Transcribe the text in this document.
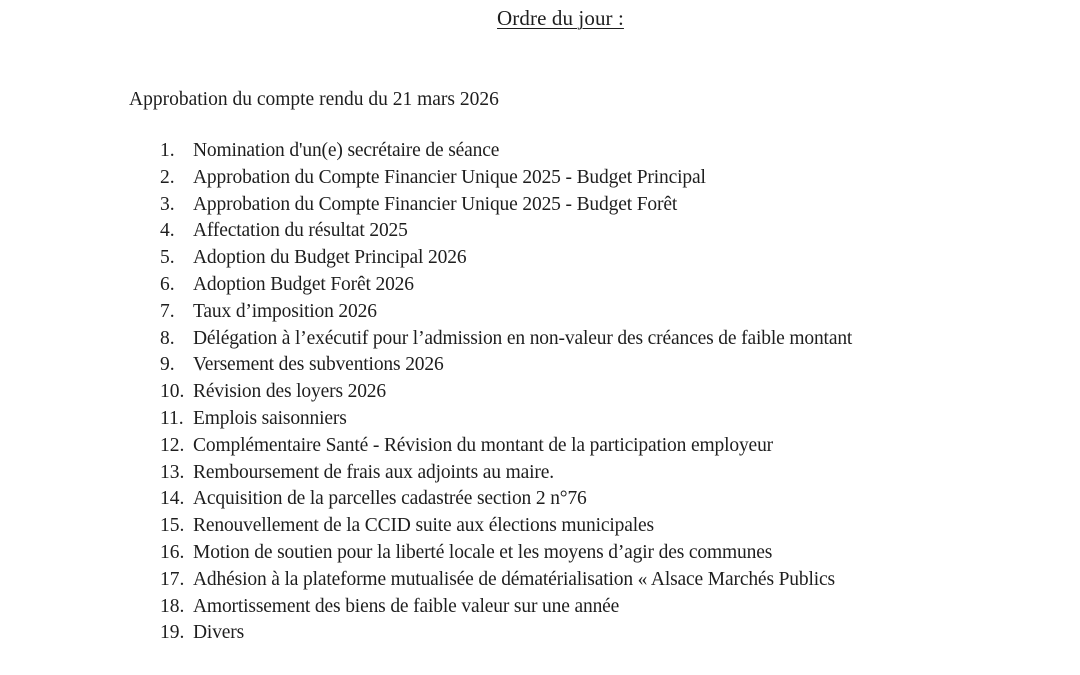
Ordre du jour :
Approbation du compte rendu du 21 mars 2026
1. Nomination d'un(e) secrétaire de séance
2. Approbation du Compte Financier Unique 2025 - Budget Principal
3. Approbation du Compte Financier Unique 2025 - Budget Forêt
4. Affectation du résultat 2025
5. Adoption du Budget Principal 2026
6. Adoption Budget Forêt 2026
7. Taux d’imposition 2026
8. Délégation à l’exécutif pour l’admission en non-valeur des créances de faible montant
9. Versement des subventions 2026
10. Révision des loyers 2026
11. Emplois saisonniers
12. Complémentaire Santé - Révision du montant de la participation employeur
13. Remboursement de frais aux adjoints au maire.
14. Acquisition de la parcelles cadastrée section 2 n°76
15. Renouvellement de la CCID suite aux élections municipales
16. Motion de soutien pour la liberté locale et les moyens d’agir des communes
17. Adhésion à la plateforme mutualisée de dématérialisation « Alsace Marchés Publics
18. Amortissement des biens de faible valeur sur une année
19. Divers
